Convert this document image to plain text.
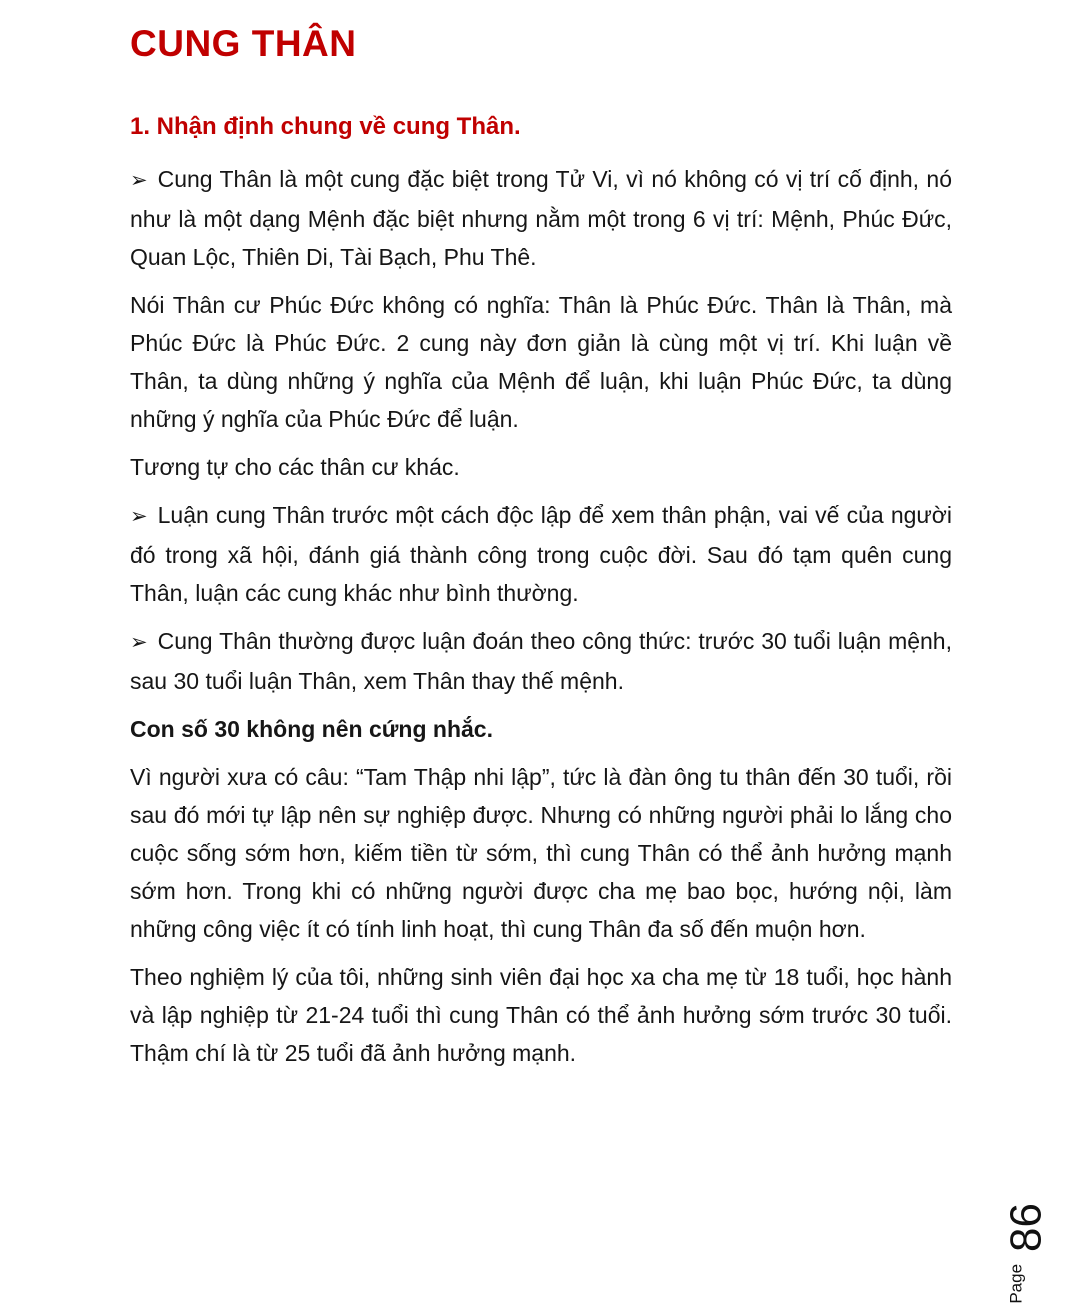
CUNG THÂN
1. Nhận định chung về cung Thân.

➢ Cung Thân là một cung đặc biệt trong Tử Vi, vì nó không có vị trí cố định, nó như là một dạng Mệnh đặc biệt nhưng nằm một trong 6 vị trí: Mệnh, Phúc Đức, Quan Lộc, Thiên Di, Tài Bạch, Phu Thê.

Nói Thân cư Phúc Đức không có nghĩa: Thân là Phúc Đức. Thân là Thân, mà Phúc Đức là Phúc Đức. 2 cung này đơn giản là cùng một vị trí. Khi luận về Thân, ta dùng những ý nghĩa của Mệnh để luận, khi luận Phúc Đức, ta dùng những ý nghĩa của Phúc Đức để luận.

Tương tự cho các thân cư khác.

➢ Luận cung Thân trước một cách độc lập để xem thân phận, vai vế của người đó trong xã hội, đánh giá thành công trong cuộc đời. Sau đó tạm quên cung Thân, luận các cung khác như bình thường.

➢ Cung Thân thường được luận đoán theo công thức: trước 30 tuổi luận mệnh, sau 30 tuổi luận Thân, xem Thân thay thế mệnh.

Con số 30 không nên cứng nhắc.

Vì người xưa có câu: “Tam Thập nhi lập”, tức là đàn ông tu thân đến 30 tuổi, rồi sau đó mới tự lập nên sự nghiệp được. Nhưng có những người phải lo lắng cho cuộc sống sớm hơn, kiếm tiền từ sớm, thì cung Thân có thể ảnh hưởng mạnh sớm hơn. Trong khi có những người được cha mẹ bao bọc, hướng nội, làm những công việc ít có tính linh hoạt, thì cung Thân đa số đến muộn hơn.

Theo nghiệm lý của tôi, những sinh viên đại học xa cha mẹ từ 18 tuổi, học hành và lập nghiệp từ 21-24 tuổi thì cung Thân có thể ảnh hưởng sớm trước 30 tuổi. Thậm chí là từ 25 tuổi đã ảnh hưởng mạnh.

Page
86
